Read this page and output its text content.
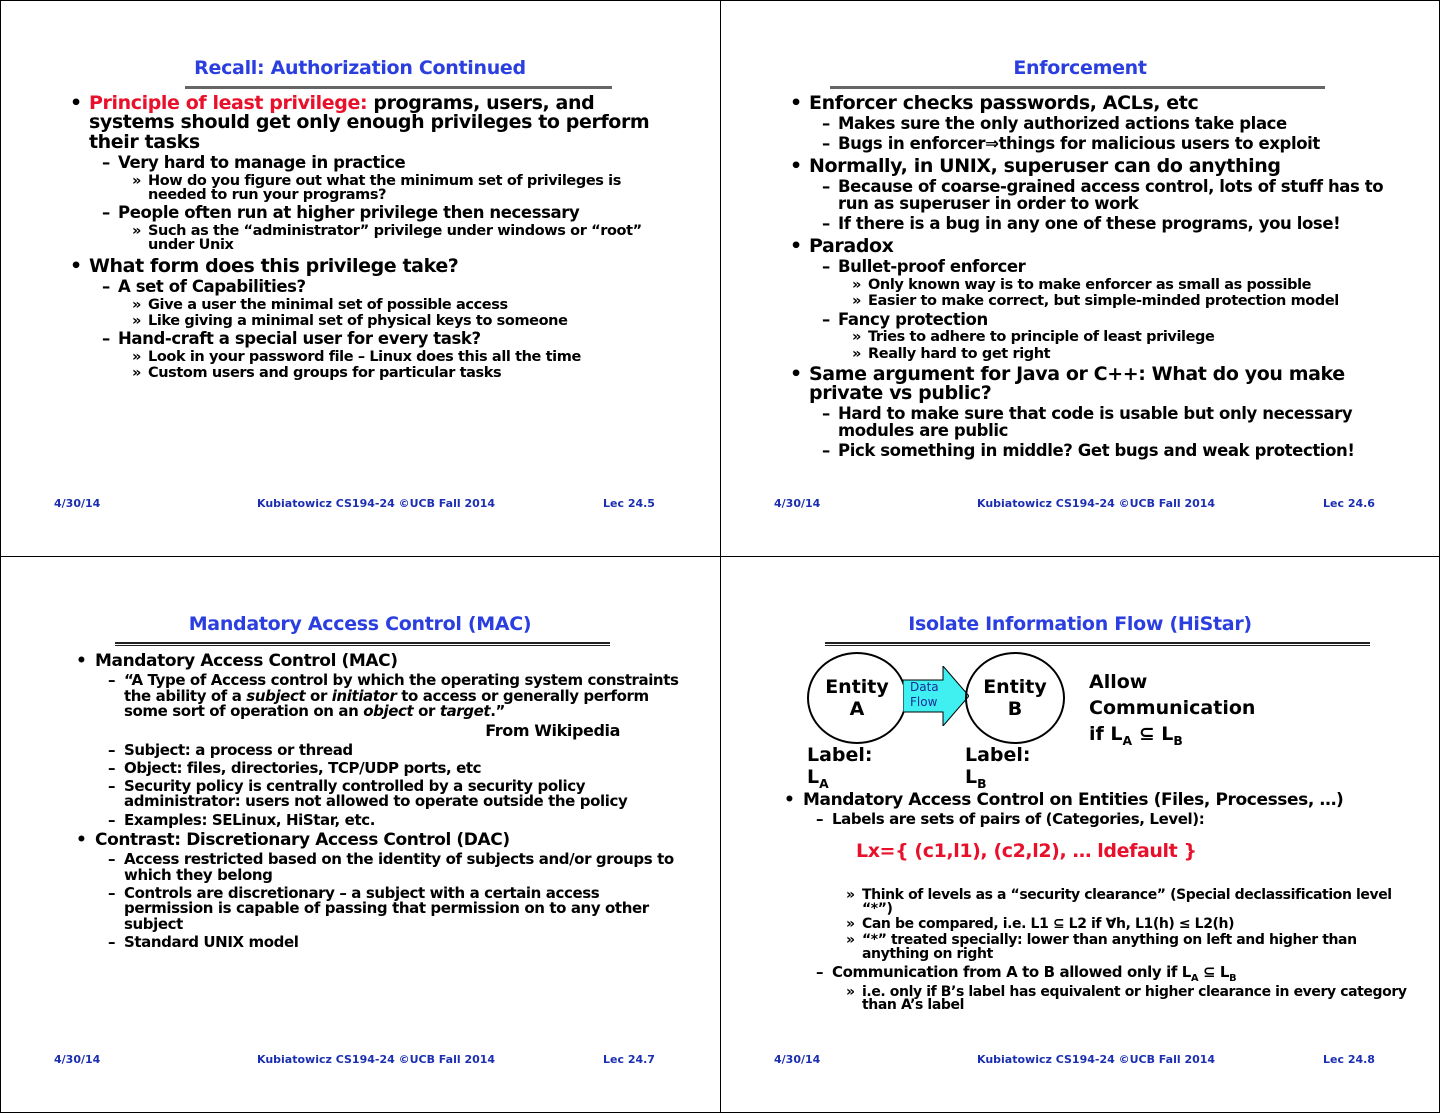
Recall: Authorization Continued
• Principle of least privilege: programs, users, and systems should get only enough privileges to perform their tasks
– Very hard to manage in practice
» How do you figure out what the minimum set of privileges is needed to run your programs?
– People often run at higher privilege then necessary
» Such as the “administrator” privilege under windows or “root” under Unix
• What form does this privilege take?
– A set of Capabilities?
» Give a user the minimal set of possible access
» Like giving a minimal set of physical keys to someone
– Hand-craft a special user for every task?
» Look in your password file – Linux does this all the time
» Custom users and groups for particular tasks
4/30/14	Kubiatowicz CS194-24 ©UCB Fall 2014	Lec 24.5
Enforcement
• Enforcer checks passwords, ACLs, etc
– Makes sure the only authorized actions take place
– Bugs in enforcer⇒things for malicious users to exploit
• Normally, in UNIX, superuser can do anything
– Because of coarse-grained access control, lots of stuff has to run as superuser in order to work
– If there is a bug in any one of these programs, you lose!
• Paradox
– Bullet-proof enforcer
» Only known way is to make enforcer as small as possible
» Easier to make correct, but simple-minded protection model
– Fancy protection
» Tries to adhere to principle of least privilege
» Really hard to get right
• Same argument for Java or C++: What do you make private vs public?
– Hard to make sure that code is usable but only necessary modules are public
– Pick something in middle? Get bugs and weak protection!
4/30/14	Kubiatowicz CS194-24 ©UCB Fall 2014	Lec 24.6
Mandatory Access Control (MAC)
• Mandatory Access Control (MAC)
– “A Type of Access control by which the operating system constraints the ability of a subject or initiator to access or generally perform some sort of operation on an object or target.”
From Wikipedia
– Subject: a process or thread
– Object: files, directories, TCP/UDP ports, etc
– Security policy is centrally controlled by a security policy administrator: users not allowed to operate outside the policy
– Examples: SELinux, HiStar, etc.
• Contrast: Discretionary Access Control (DAC)
– Access restricted based on the identity of subjects and/or groups to which they belong
– Controls are discretionary – a subject with a certain access permission is capable of passing that permission on to any other subject
– Standard UNIX model
4/30/14	Kubiatowicz CS194-24 ©UCB Fall 2014	Lec 24.7
Isolate Information Flow (HiStar)
Entity
A
Data
Flow
Entity
B
Label: $L_A$
Label: $L_B$
Allow Communication
if $L_A$ ⊆ $L_B$
• Mandatory Access Control on Entities (Files, Processes, …)
– Labels are sets of pairs of (Categories, Level):
Lx={ (c1,l1), (c2,l2), … ldefault }
» Think of levels as a “security clearance” (Special declassification level “*”)
» Can be compared, i.e. L1 ⊆ L2 if ∀h, L1(h) ≤ L2(h)
» “*” treated specially: lower than anything on left and higher than anything on right
– Communication from A to B allowed only if $L_A$ ⊆ $L_B$
» i.e. only if B’s label has equivalent or higher clearance in every category than A’s label
4/30/14	Kubiatowicz CS194-24 ©UCB Fall 2014	Lec 24.8
